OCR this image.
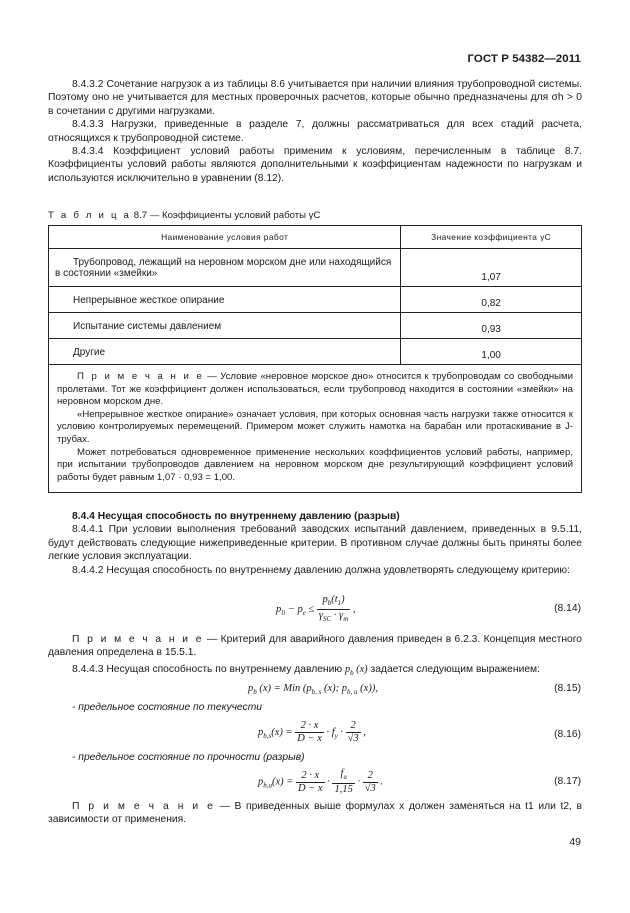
ГОСТ Р 54382—2011

8.4.3.2 Сочетание нагрузок a из таблицы 8.6 учитывается при наличии влияния трубопроводной системы. Поэтому оно не учитывается для местных проверочных расчетов, которые обычно предназначены для σh > 0 в сочетании с другими нагрузками.

8.4.3.3 Нагрузки, приведенные в разделе 7, должны рассматриваться для всех стадий расчета, относящихся к трубопроводной системе.

8.4.3.4 Коэффициент условий работы применим к условиям, перечисленным в таблице 8.7. Коэффициенты условий работы являются дополнительными к коэффициентам надежности по нагрузкам и используются исключительно в уравнении (8.12).

Т а б л и ц а 8.7 — Коэффициенты условий работы γC
Наименование условия работ	Значение коэффициента γC
Трубопровод, лежащий на неровном морском дне или находящийся в состоянии «змейки»	1,07
Непрерывное жесткое опирание	0,82
Испытание системы давлением	0,93
Другие	1,00

П р и м е ч а н и е — Условие «неровное морское дно» относится к трубопроводам со свободными пролетами. Тот же коэффициент должен использоваться, если трубопровод находится в состоянии «змейки» на неровном морском дне.

«Непрерывное жесткое опирание» означает условия, при которых основная часть нагрузки также относится к условию контролируемых перемещений. Примером может служить намотка на барабан или протаскивание в J-трубах.

Может потребоваться одновременное применение нескольких коэффициентов условий работы, например, при испытании трубопроводов давлением на неровном морском дне результирующий коэффициент условий работы будет равным 1,07 · 0,93 = 1,00.	

8.4.4 Несущая способность по внутреннему давлению (разрыв)

8.4.4.1 При условии выполнения требований заводских испытаний давлением, приведенных в 9.5.11, будут действовать следующие нижеприведенные критерии. В противном случае должны быть приняты более легкие условия эксплуатации.

8.4.4.2 Несущая способность по внутреннему давлению должна удовлетворять следующему критерию:

$p_{li} - p_e \le \frac{p_b(t_1)}{\gamma_{SC} \cdot \gamma_m}$ ,	(8.14)

П р и м е ч а н и е — Критерий для аварийного давления приведен в 6.2.3. Концепция местного давления определена в 15.5.1.

8.4.4.3 Несущая способность по внутреннему давлению $p_b$ (x) задается следующим выражением:

$p_b$ (x) = Min ($p_{b, s}$ (x); $p_{b, u}$ (x)),	(8.15)

- предельное состояние по текучести

$p_{b,s}(x) = \frac{2 \cdot x}{D - x} \cdot f_y \cdot \frac{2}{√3}$ ,	(8.16)

- предельное состояние по прочности (разрыв)

$p_{b,u}(x) = \frac{2 \cdot x}{D - x} \cdot \frac{f_u}{1,15} \cdot \frac{2}{√3}$ .	(8.17)

П р и м е ч а н и е — В приведенных выше формулах x должен заменяться на t1 или t2, в зависимости от применения.

49
